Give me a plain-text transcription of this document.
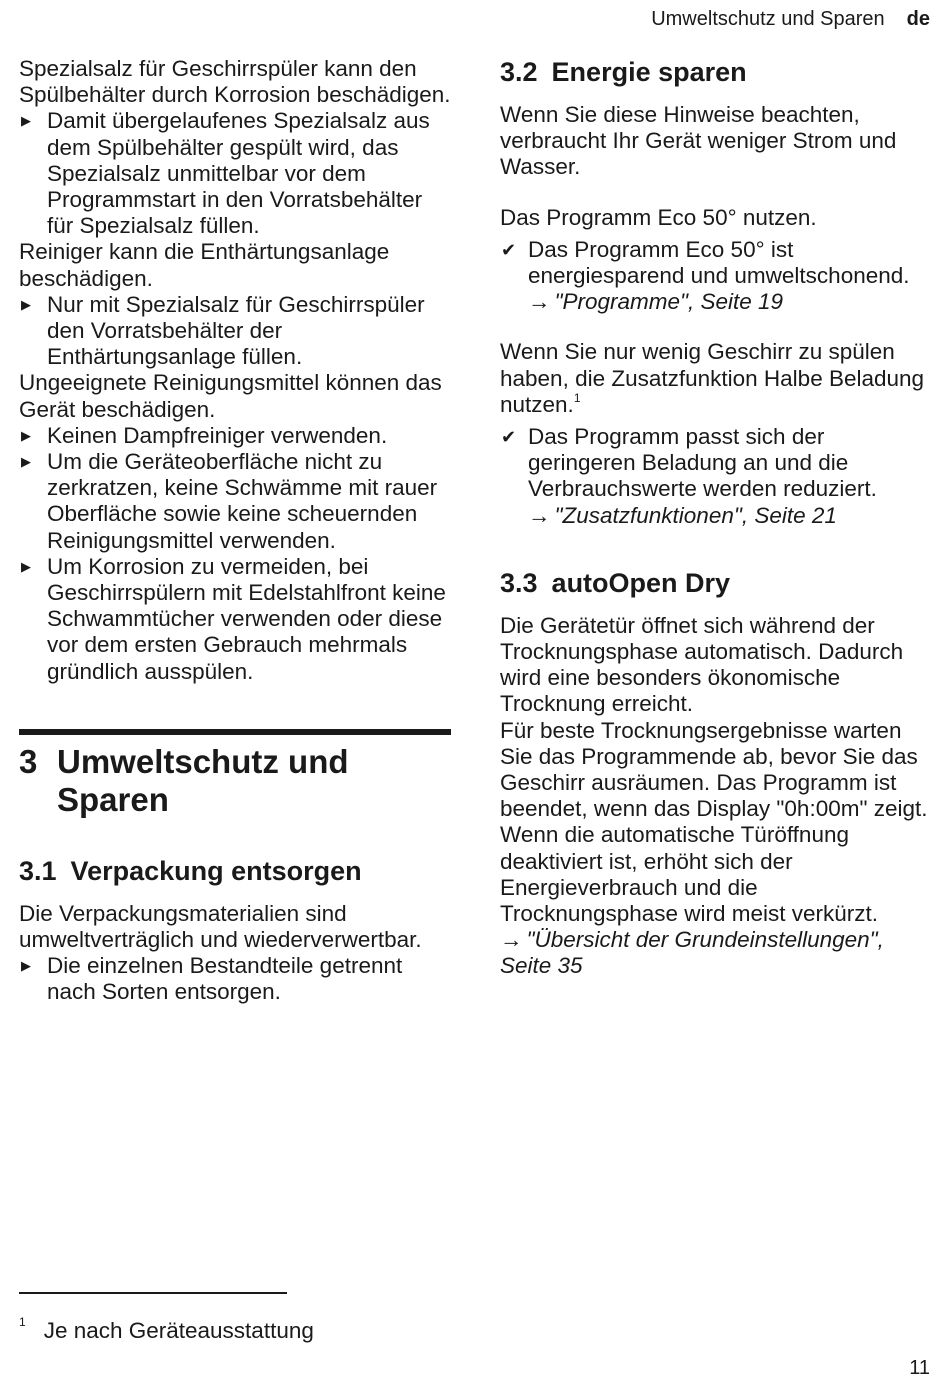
Umweltschutz und Sparen de

Spezialsalz für Geschirrspüler kann den Spülbehälter durch Korrosion beschädigen.

▶ Damit übergelaufenes Spezialsalz aus dem Spülbehälter gespült wird, das Spezialsalz unmittelbar vor dem Programmstart in den Vorratsbehälter für Spezialsalz füllen.

Reiniger kann die Enthärtungsanlage beschädigen.

▶ Nur mit Spezialsalz für Geschirrspüler den Vorratsbehälter der Enthärtungsanlage füllen.

Ungeeignete Reinigungsmittel können das Gerät beschädigen.

▶ Keinen Dampfreiniger verwenden.
▶ Um die Geräteoberfläche nicht zu zerkratzen, keine Schwämme mit rauer Oberfläche sowie keine scheuernden Reinigungsmittel verwenden.
▶ Um Korrosion zu vermeiden, bei Geschirrspülern mit Edelstahlfront keine Schwammtücher verwenden oder diese vor dem ersten Gebrauch mehrmals gründlich ausspülen.
3 Umweltschutz und Sparen
3.1 Verpackung entsorgen

Die Verpackungsmaterialien sind umweltverträglich und wiederverwertbar.

▶ Die einzelnen Bestandteile getrennt nach Sorten entsorgen.
3.2 Energie sparen

Wenn Sie diese Hinweise beachten, verbraucht Ihr Gerät weniger Strom und Wasser.

Das Programm Eco 50° nutzen.

✔ Das Programm Eco 50° ist energiesparend und umweltschonend.
→ "Programme", Seite 19

Wenn Sie nur wenig Geschirr zu spülen haben, die Zusatzfunktion Halbe Beladung nutzen.$^1$

✔ Das Programm passt sich der geringeren Beladung an und die Verbrauchswerte werden reduziert.
→ "Zusatzfunktionen", Seite 21
3.3 autoOpen Dry

Die Gerätetür öffnet sich während der Trocknungsphase automatisch. Dadurch wird eine besonders ökonomische Trocknung erreicht.

Für beste Trocknungsergebnisse warten Sie das Programmende ab, bevor Sie das Geschirr ausräumen. Das Programm ist beendet, wenn das Display "0h:00m" zeigt.

Wenn die automatische Türöffnung deaktiviert ist, erhöht sich der Energieverbrauch und die Trocknungsphase wird meist verkürzt.

→ "Übersicht der Grundeinstellungen", Seite 35

$^1$ Je nach Geräteausstattung
11
